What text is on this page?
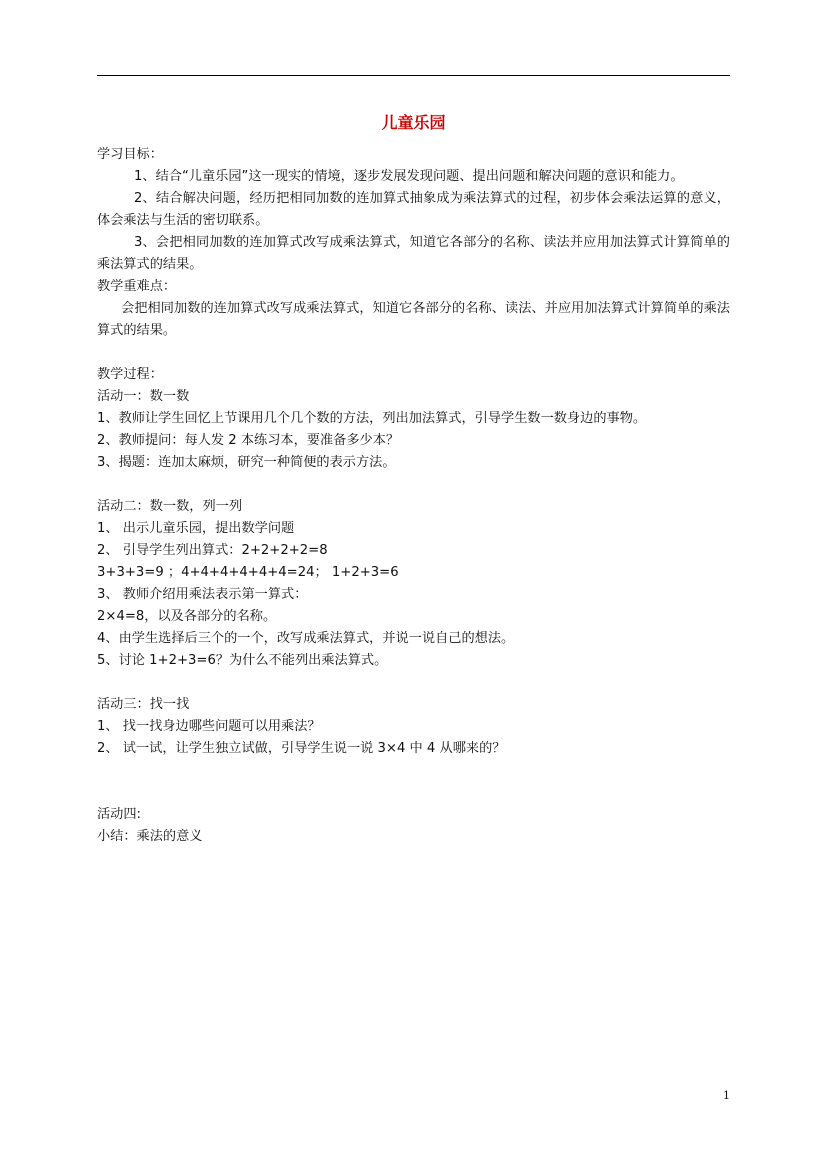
儿童乐园

学习目标：

1、结合“儿童乐园”这一现实的情境，逐步发展发现问题、提出问题和解决问题的意识和能力。

2、结合解决问题，经历把相同加数的连加算式抽象成为乘法算式的过程，初步体会乘法运算的意义，体会乘法与生活的密切联系。

3、会把相同加数的连加算式改写成乘法算式，知道它各部分的名称、读法并应用加法算式计算简单的乘法算式的结果。

教学重难点：

会把相同加数的连加算式改写成乘法算式，知道它各部分的名称、读法、并应用加法算式计算简单的乘法算式的结果。

教学过程：

活动一：数一数

1、教师让学生回忆上节课用几个几个数的方法，列出加法算式，引导学生数一数身边的事物。

2、教师提问：每人发 2 本练习本，要准备多少本？

3、揭题：连加太麻烦，研究一种简便的表示方法。

活动二：数一数，列一列

1、 出示儿童乐园，提出数学问题

2、 引导学生列出算式：2+2+2+2=8

3+3+3=9 ；4+4+4+4+4+4=24； 1+2+3=6

3、 教师介绍用乘法表示第一算式：

2×4=8，以及各部分的名称。

4、由学生选择后三个的一个，改写成乘法算式，并说一说自己的想法。

5、讨论 1+2+3=6？为什么不能列出乘法算式。

活动三：找一找

1、 找一找身边哪些问题可以用乘法？

2、 试一试，让学生独立试做，引导学生说一说 3×4 中 4 从哪来的？

活动四:

小结：乘法的意义

1
